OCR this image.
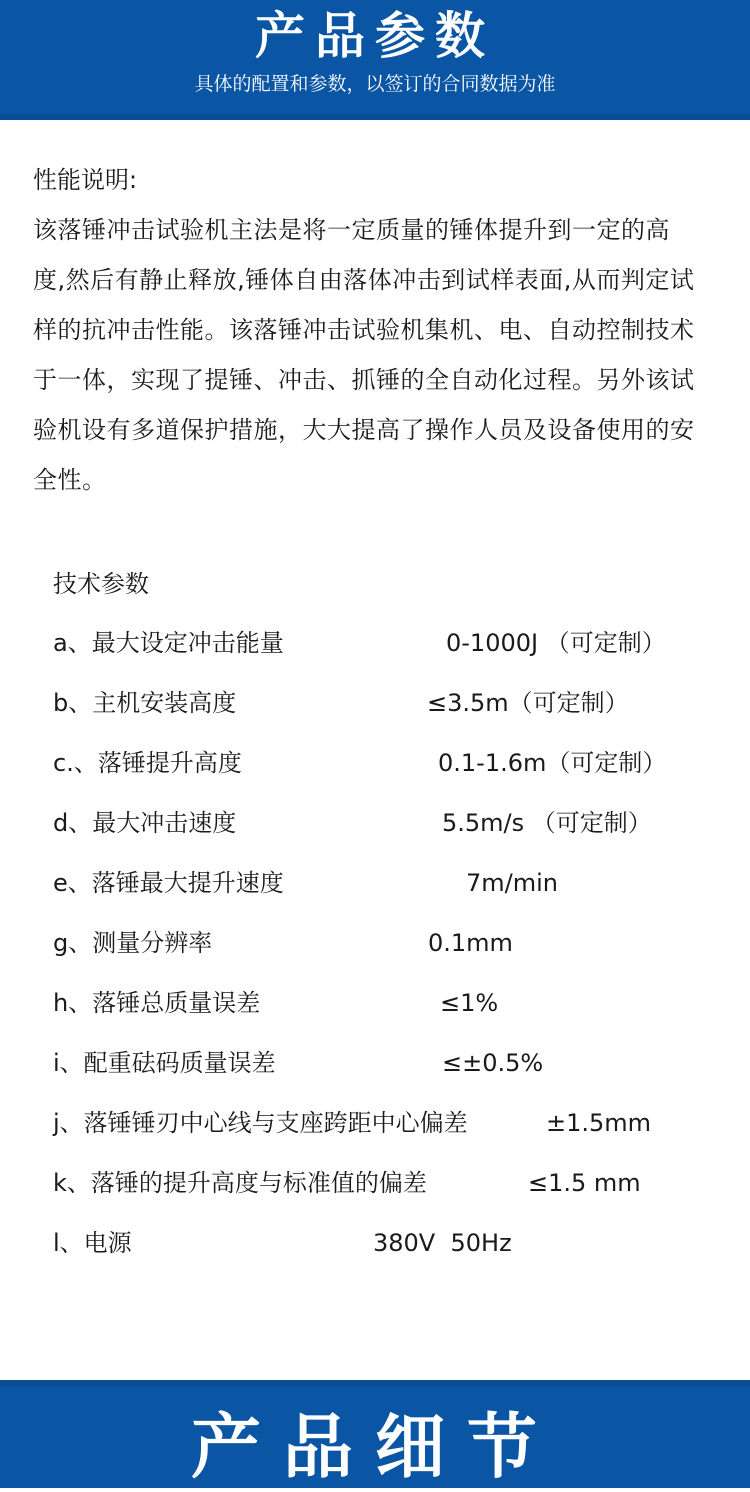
产品参数
具体的配置和参数，以签订的合同数据为准
性能说明:
该落锤冲击试验机主法是将一定质量的锤体提升到一定的高度,然后有静止释放,锤体自由落体冲击到试样表面,从而判定试样的抗冲击性能。该落锤冲击试验机集机、电、自动控制技术于一体，实现了提锤、冲击、抓锤的全自动化过程。另外该试验机设有多道保护措施，大大提高了操作人员及设备使用的安全性。
技术参数
a、最大设定冲击能量	0-1000J （可定制）
b、主机安装高度	≤3.5m（可定制）
c.、落锤提升高度	0.1-1.6m（可定制）
d、最大冲击速度	5.5m/s （可定制）
e、落锤最大提升速度	7m/min
g、测量分辨率	0.1mm
h、落锤总质量误差	≤1%
i、配重砝码质量误差	≤±0.5%
j、落锤锤刃中心线与支座跨距中心偏差	±1.5mm
k、落锤的提升高度与标准值的偏差	≤1.5 mm
l、电源	380V  50Hz
产品细节
